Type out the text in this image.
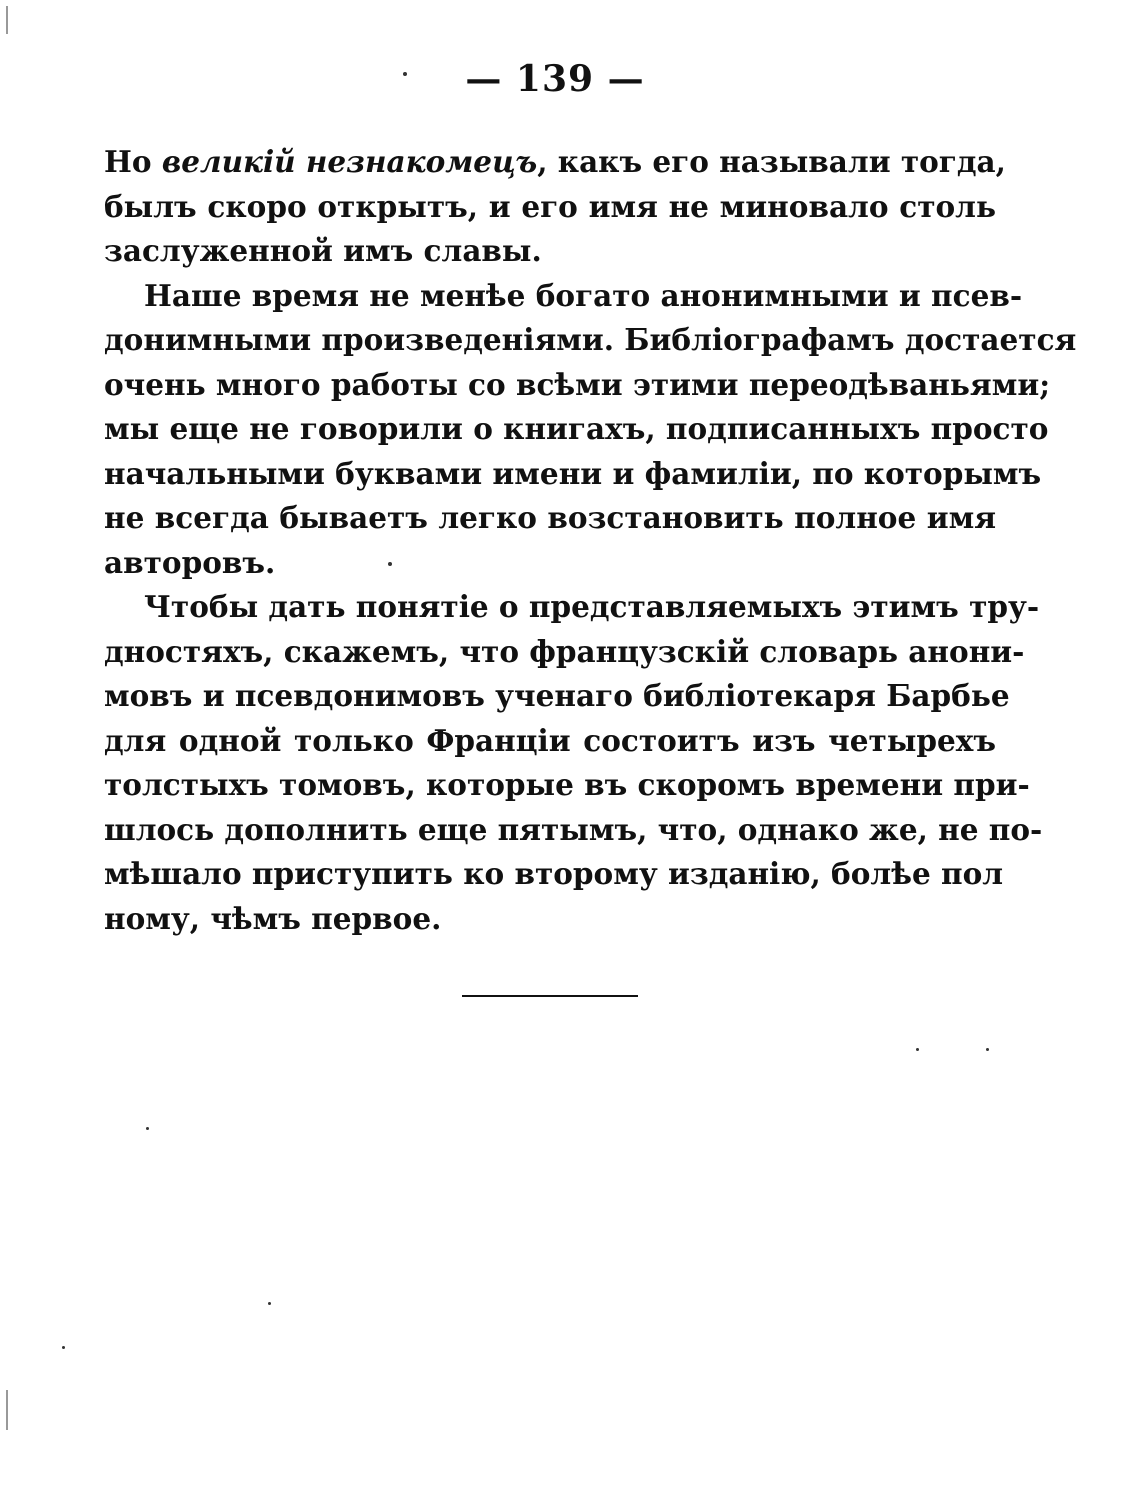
— 139 —
Но великій незнакомецъ, какъ его называли тогда,
былъ скоро открытъ, и его имя не миновало столь
заслуженной имъ славы.
Наше время не менѣе богато анонимными и псев-
донимными произведеніями. Библіографамъ достается
очень много работы со всѣми этими переодѣваньями;
мы еще не говорили о книгахъ, подписанныхъ просто
начальными буквами имени и фамиліи, по которымъ
не всегда бываетъ легко возстановить полное имя
авторовъ.
Чтобы дать понятіе о представляемыхъ этимъ тру-
дностяхъ, скажемъ, что французскій словарь анони-
мовъ и псевдонимовъ ученаго библіотекаря Барбье
для одной только Франціи состоитъ изъ четырехъ
толстыхъ томовъ, которые въ скоромъ времени при-
шлось дополнить еще пятымъ, что, однако же, не по-
мѣшало приступить ко второму изданію, болѣе пол
ному, чѣмъ первое.
